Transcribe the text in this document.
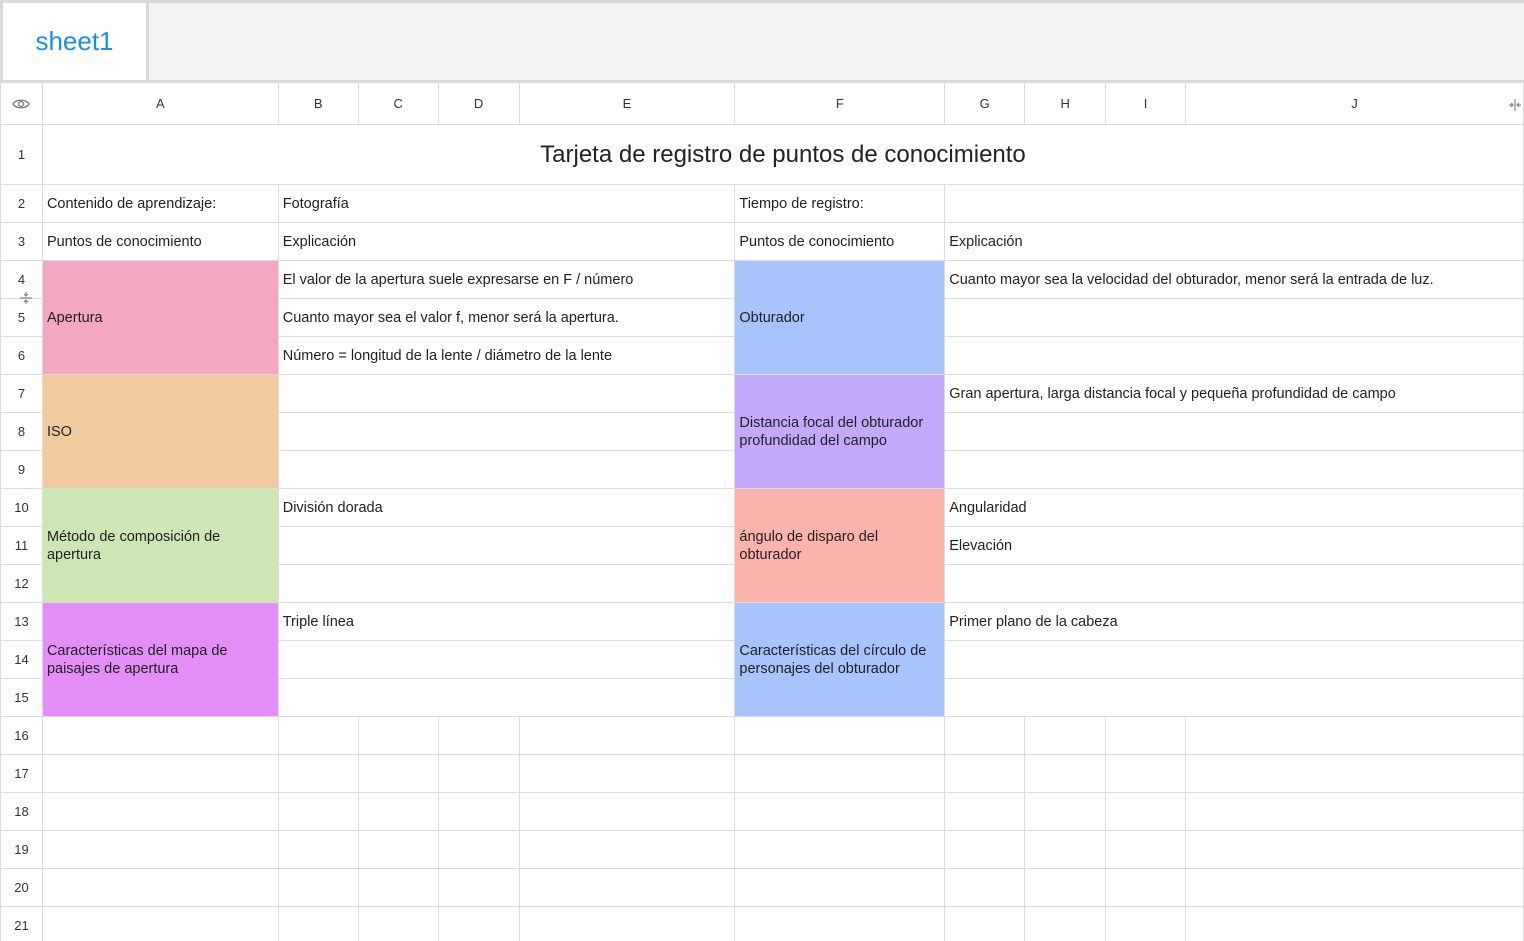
sheet1
	A	B	C	D	E	F	G	H	I	J
1	Tarjeta de registro de puntos de conocimiento									
2	Contenido de aprendizaje:	Fotografía				Tiempo de registro:				
3	Puntos de conocimiento	Explicación				Puntos de conocimiento	Explicación			
4	Apertura	El valor de la apertura suele expresarse en F / número				Obturador	Cuanto mayor sea la velocidad del obturador, menor será la entrada de luz.			
5		Cuanto mayor sea el valor f, menor será la apertura.								
6		Número = longitud de la lente / diámetro de la lente								
7	ISO					Distancia focal del obturador profundidad del campo	Gran apertura, larga distancia focal y pequeña profundidad de campo			
8										
9										
10	Método de composición de apertura	División dorada				ángulo de disparo del obturador	Angularidad			
11							Elevación			
12										
13	Características del mapa de paisajes de apertura	Triple línea				Características del círculo de personajes del obturador	Primer plano de la cabeza			
14										
15										
16										
17										
18										
19										
20										
21										
